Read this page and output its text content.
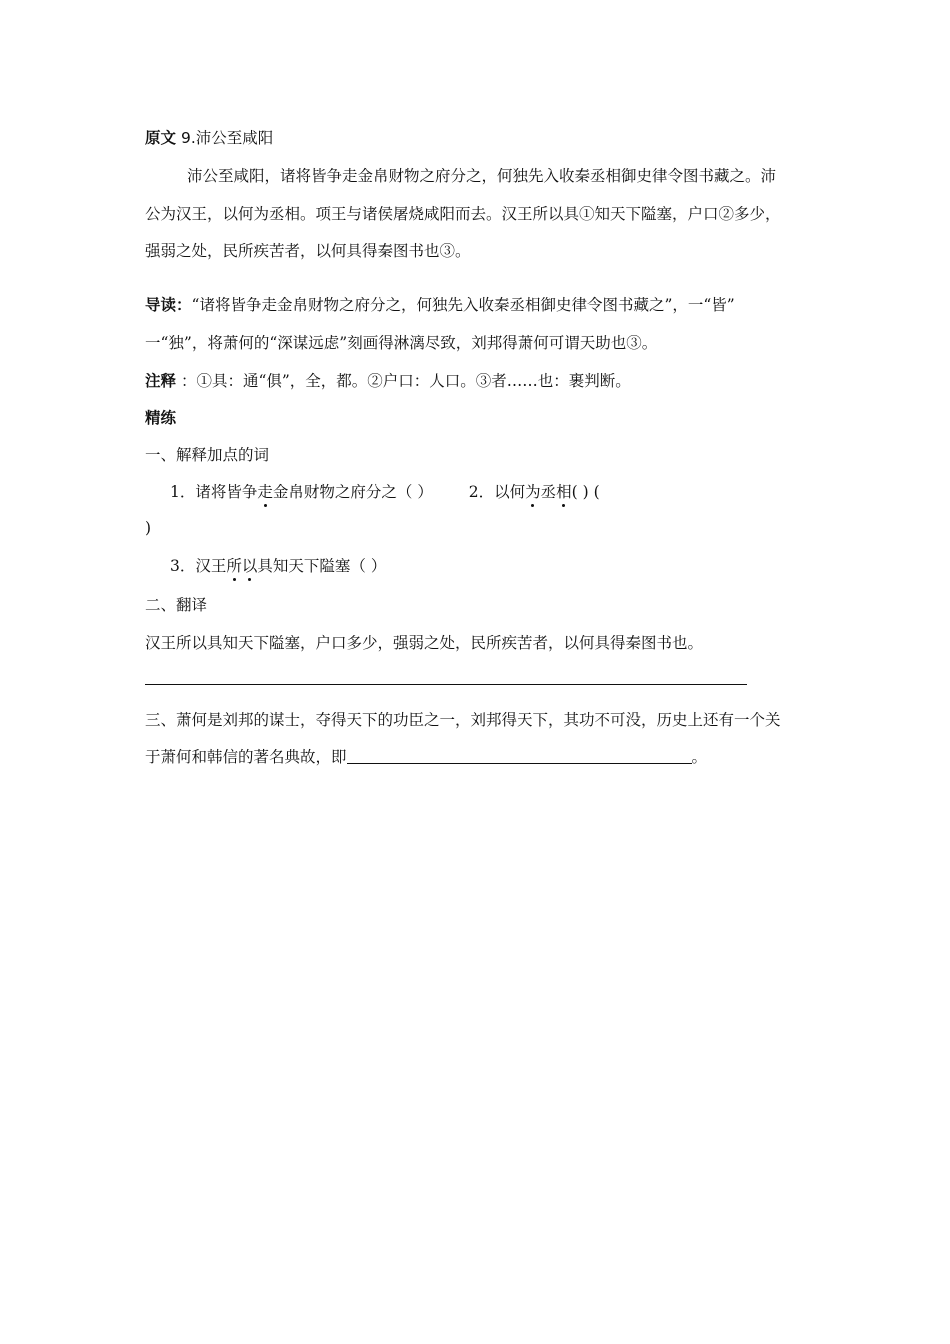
原文 9.沛公至咸阳
沛公至咸阳，诸将皆争走金帛财物之府分之，何独先入收秦丞相御史律令图书藏之。沛
公为汉王，以何为丞相。项王与诸侯屠烧咸阳而去。汉王所以具①知天下隘塞，户口②多少，
强弱之处，民所疾苦者，以何具得秦图书也③。
导读：“诸将皆争走金帛财物之府分之，何独先入收秦丞相御史律令图书藏之”，一“皆”
一“独”，将萧何的“深谋远虑”刻画得淋漓尽致，刘邦得萧何可谓天助也③。
注释 ：①具：通“俱”，全，都。②户口：人口。③者……也：裹判断。
精练
一、解释加点的词
1．诸将皆争走金帛财物之府分之（ ） 2．以何为丞相( ) (
)
3．汉王所以具知天下隘塞（ ）
二、翻译
汉王所以具知天下隘塞，户口多少，强弱之处，民所疾苦者，以何具得秦图书也。
三、萧何是刘邦的谋士，夺得天下的功臣之一，刘邦得天下，其功不可没，历史上还有一个关
于萧何和韩信的著名典故，即	。
